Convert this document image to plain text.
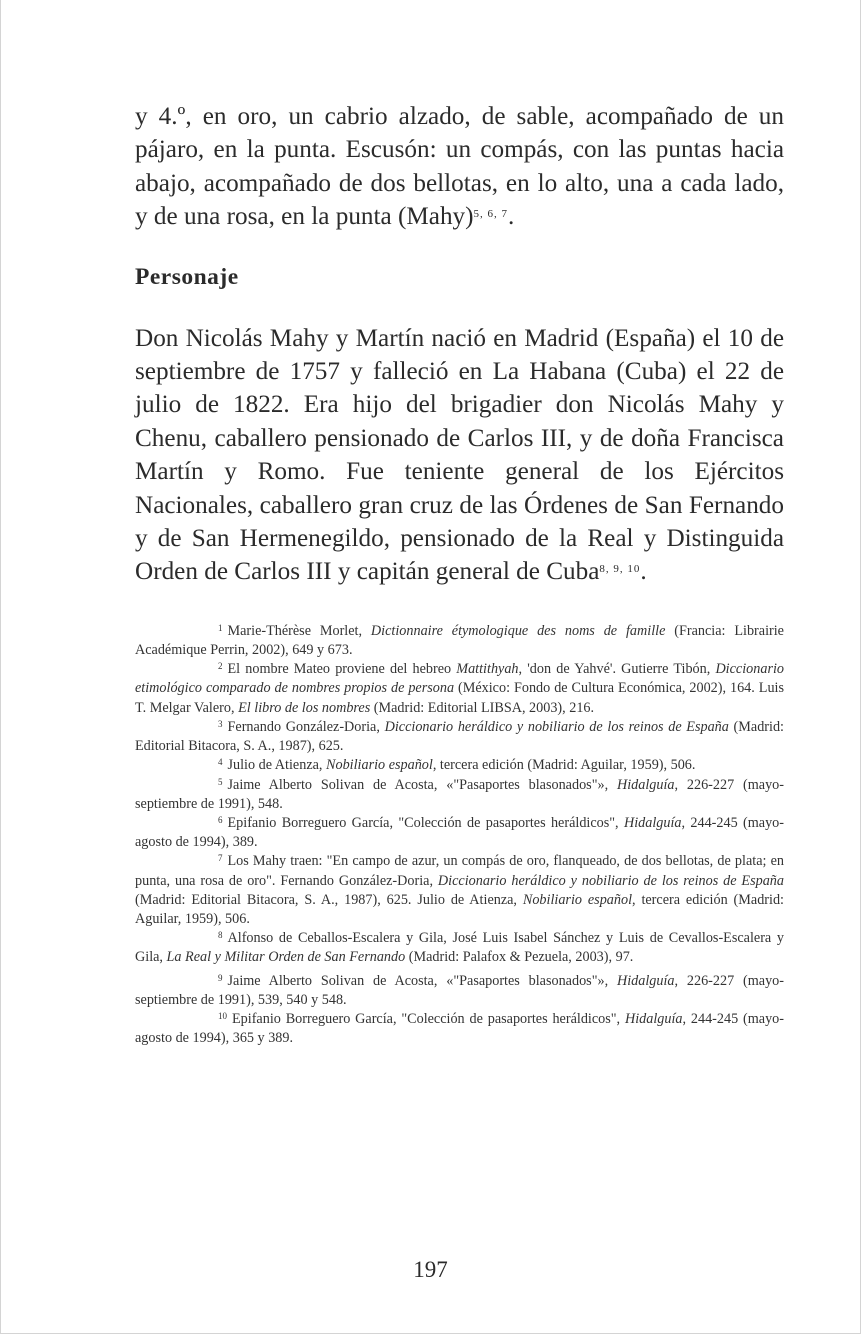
y 4.º, en oro, un cabrio alzado, de sable, acompañado de un pájaro, en la punta. Escusón: un compás, con las puntas hacia abajo, acompañado de dos bellotas, en lo alto, una a cada lado, y de una rosa, en la punta (Mahy)$^{5, 6, 7}$.

Personaje

Don Nicolás Mahy y Martín nació en Madrid (España) el 10 de septiembre de 1757 y falleció en La Habana (Cuba) el 22 de julio de 1822. Era hijo del brigadier don Nicolás Mahy y Chenu, caballero pensionado de Carlos III, y de doña Francisca Martín y Romo. Fue teniente general de los Ejércitos Nacionales, caballero gran cruz de las Órdenes de San Fernando y de San Hermenegildo, pensionado de la Real y Distinguida Orden de Carlos III y capitán general de Cuba$^{8, 9, 10}$.

$^1$ Marie-Thérèse Morlet, Dictionnaire étymologique des noms de famille (Francia: Librairie Académique Perrin, 2002), 649 y 673.

$^2$ El nombre Mateo proviene del hebreo Mattithyah, 'don de Yahvé'. Gutierre Tibón, Diccionario etimológico comparado de nombres propios de persona (México: Fondo de Cultura Económica, 2002), 164. Luis T. Melgar Valero, El libro de los nombres (Madrid: Editorial LIBSA, 2003), 216.

$^3$ Fernando González-Doria, Diccionario heráldico y nobiliario de los reinos de España (Madrid: Editorial Bitacora, S. A., 1987), 625.

$^4$ Julio de Atienza, Nobiliario español, tercera edición (Madrid: Aguilar, 1959), 506.

$^5$ Jaime Alberto Solivan de Acosta, «"Pasaportes blasonados"», Hidalguía, 226-227 (mayo-septiembre de 1991), 548.

$^6$ Epifanio Borreguero García, "Colección de pasaportes heráldicos", Hidalguía, 244-245 (mayo-agosto de 1994), 389.

$^7$ Los Mahy traen: "En campo de azur, un compás de oro, flanqueado, de dos bellotas, de plata; en punta, una rosa de oro". Fernando González-Doria, Diccionario heráldico y nobiliario de los reinos de España (Madrid: Editorial Bitacora, S. A., 1987), 625. Julio de Atienza, Nobiliario español, tercera edición (Madrid: Aguilar, 1959), 506.

$^8$ Alfonso de Ceballos-Escalera y Gila, José Luis Isabel Sánchez y Luis de Cevallos-Escalera y Gila, La Real y Militar Orden de San Fernando (Madrid: Palafox & Pezuela, 2003), 97.

$^9$ Jaime Alberto Solivan de Acosta, «"Pasaportes blasonados"», Hidalguía, 226-227 (mayo-septiembre de 1991), 539, 540 y 548.

$^{10}$ Epifanio Borreguero García, "Colección de pasaportes heráldicos", Hidalguía, 244-245 (mayo-agosto de 1994), 365 y 389.

197
